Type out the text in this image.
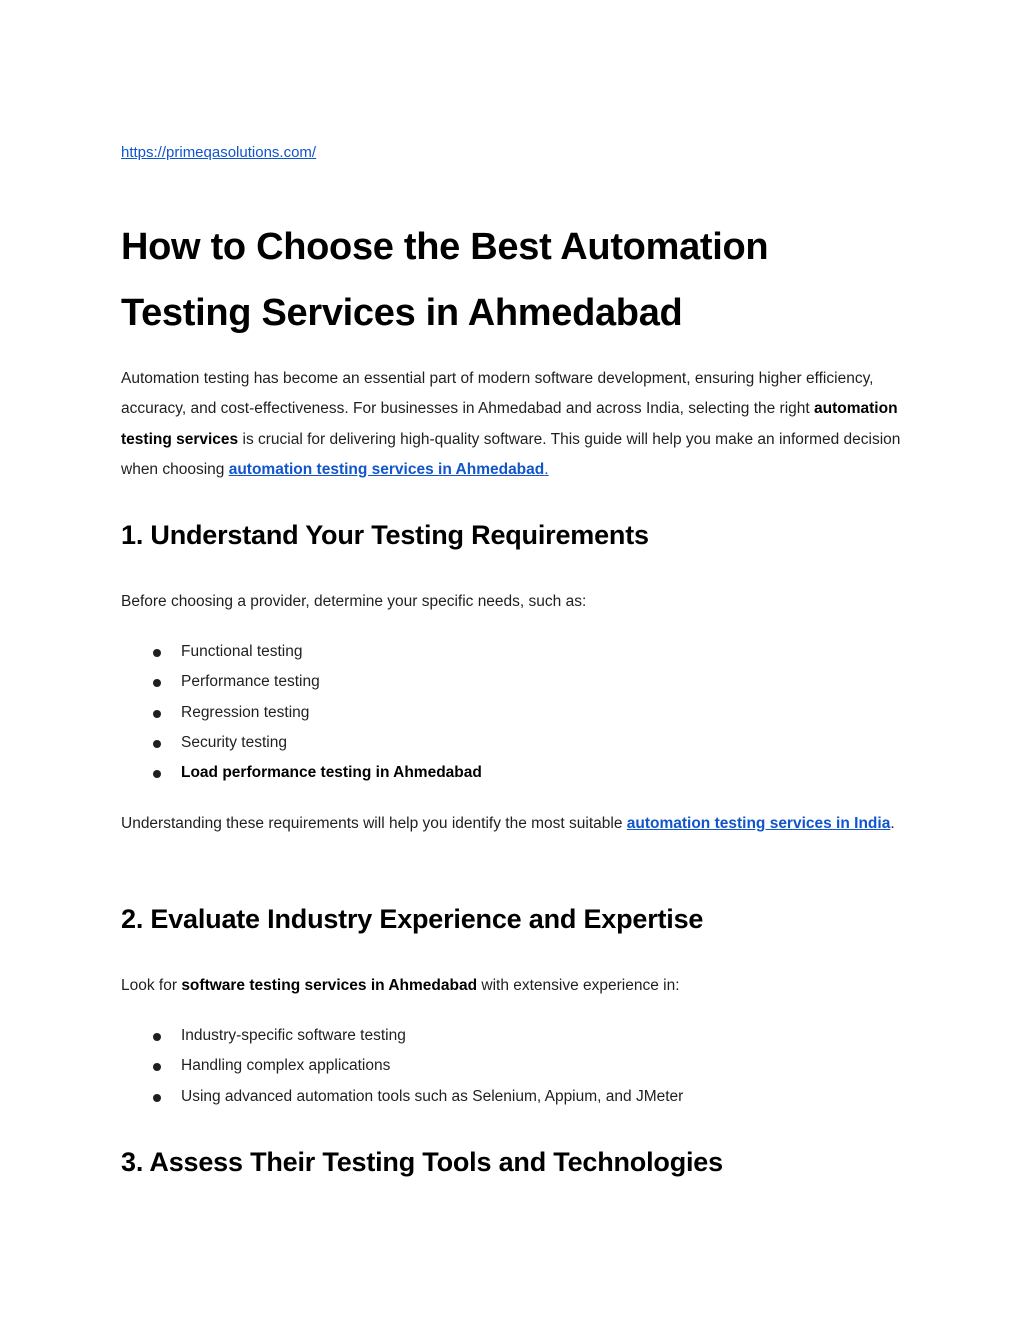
https://primeqasolutions.com/
How to Choose the Best Automation
Testing Services in Ahmedabad

Automation testing has become an essential part of modern software development, ensuring higher efficiency, accuracy, and cost-effectiveness. For businesses in Ahmedabad and across India, selecting the right automation testing services is crucial for delivering high-quality software. This guide will help you make an informed decision when choosing automation testing services in Ahmedabad.

1. Understand Your Testing Requirements

Before choosing a provider, determine your specific needs, such as:

Functional testing
Performance testing
Regression testing
Security testing
Load performance testing in Ahmedabad

Understanding these requirements will help you identify the most suitable automation testing services in India.

2. Evaluate Industry Experience and Expertise

Look for software testing services in Ahmedabad with extensive experience in:

Industry-specific software testing
Handling complex applications
Using advanced automation tools such as Selenium, Appium, and JMeter
3. Assess Their Testing Tools and Technologies
